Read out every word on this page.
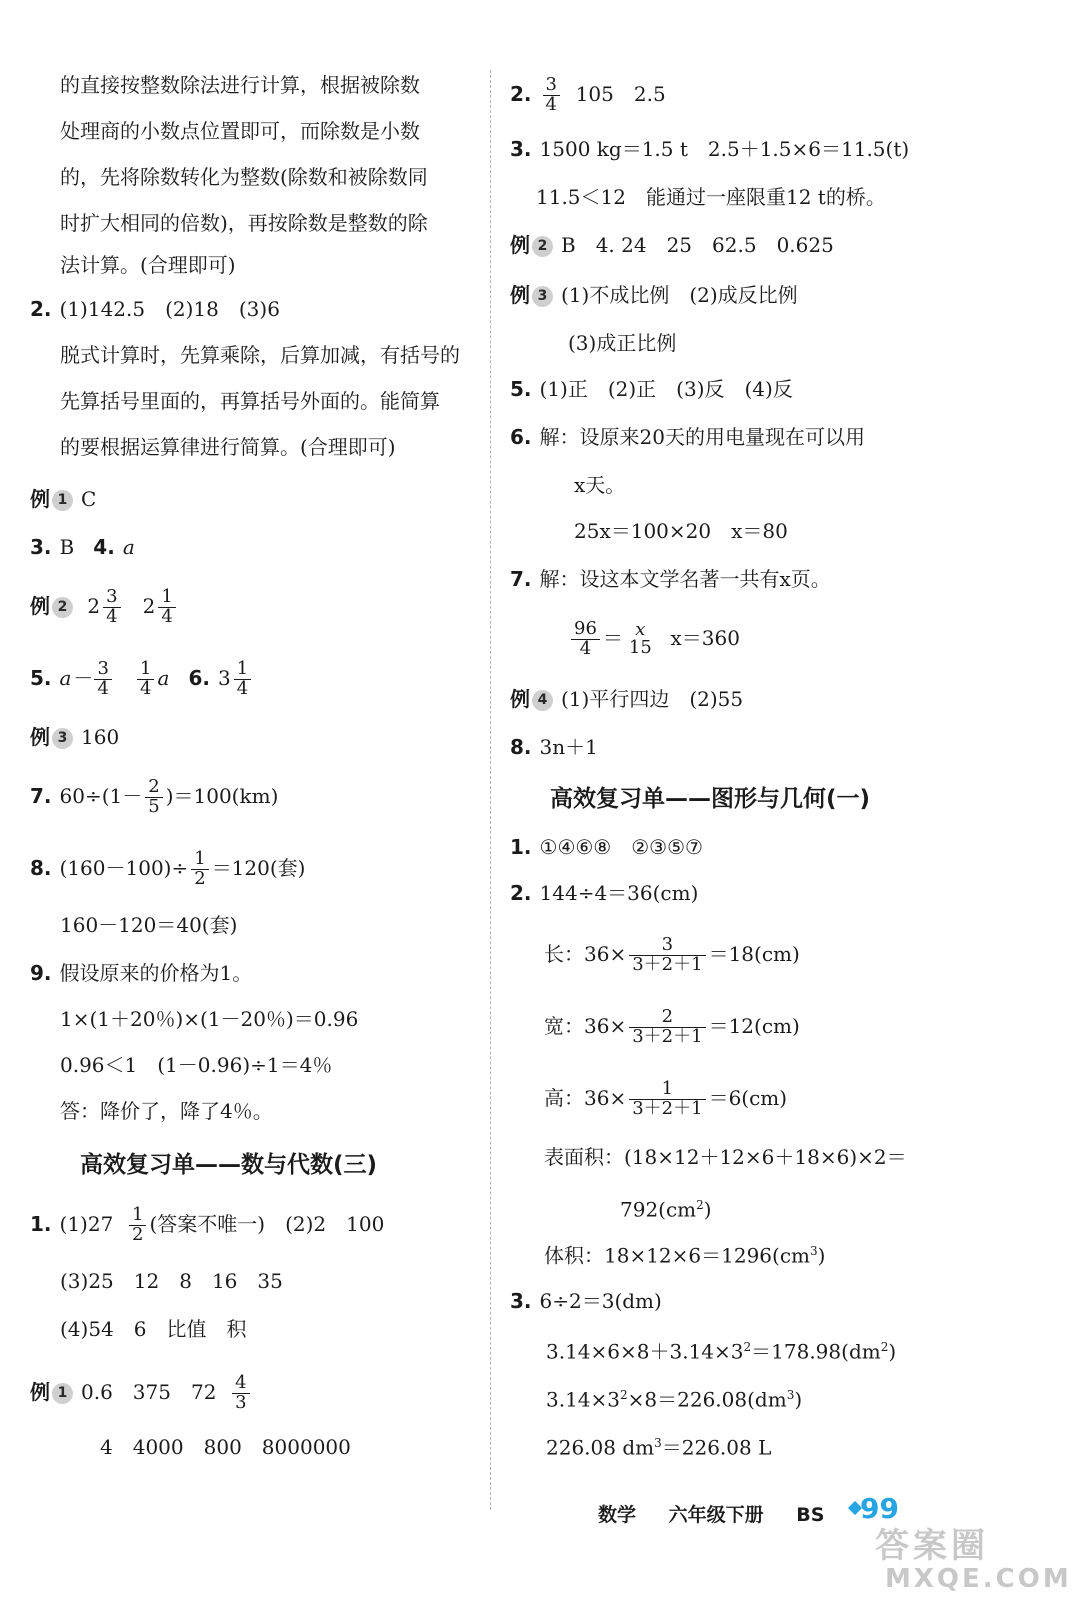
的直接按整数除法进行计算，根据被除数
处理商的小数点位置即可，而除数是小数
的，先将除数转化为整数(除数和被除数同
时扩大相同的倍数)，再按除数是整数的除
法计算。(合理即可)
2. (1)142.5　(2)18　(3)6
脱式计算时，先算乘除，后算加减，有括号的
先算括号里面的，再算括号外面的。能简算
的要根据运算律进行简算。(合理即可)
例 1 C
3. B 4. a
例 2 $2 \frac{3}{4} 2 \frac{1}{4}$
5. $a- \frac{3}{4}$
$\frac{1}{4}$ a 6. $3 \frac{1}{4}$
例 3 160
7. $60\div(1- \frac{2}{5} )=100(km)$
8. $(160-100)\div \frac{1}{2} =120$(套)
160－120＝40(套)
9. 假设原来的价格为1。
1×(1＋20％)×(1－20％)＝0.96
0.96＜1　(1－0.96)÷1＝4％
答：降价了，降了4％。
高效复习单——数与代数(三)
1. $(1)27 \frac{1}{2}$ (答案不唯一)　(2)2　100
(3)25　12　8　16　35
(4)54　6　比值　积
例 1 0.6　375　$72 \frac{4}{3}$
4　4000　800　8000000
2. $\frac{3}{4} 105$　2.5
3. 1500 kg＝1.5 t　2.5＋1.5×6＝11.5(t)
11.5＜12　能通过一座限重12 t的桥。
例 2 B　4. 24　25　62.5　0.625
例 3 (1)不成比例　(2)成反比例
(3)成正比例
5. (1)正　(2)正　(3)反　(4)反
6. 解：设原来20天的用电量现在可以用
x天。
25x＝100×20　x＝80
7. 解：设这本文学名著一共有x页。
$\frac{96}{4} = x$
15 x＝360
例 4 (1)平行四边　(2)55
8. 3n＋1
高效复习单——图形与几何(一)
1. ①④⑥⑧　②③⑤⑦
2. 144÷4＝36(cm)
长：$36\times \frac{3}{3+2+1} =18(cm)$
宽：$36\times \frac{2}{3+2+1} =12(cm)$
高：$36\times \frac{1}{3+2+1} =6(cm)$
表面积：(18×12＋12×6＋18×6)×2＝
$792(cm^2)$
体积：$18\times 12\times 6=1296(cm^3)$
3. 6÷2＝3(dm)
$3.14\times 6\times 8+3.14\times 3^2=178.98(dm^2)$
$3.14\times 3^2\times 8=226.08(dm^3)$
226.08 $dm^3=226.08$ L
数学 六年级下册 BS	99
答案圈
MXQE.COM
